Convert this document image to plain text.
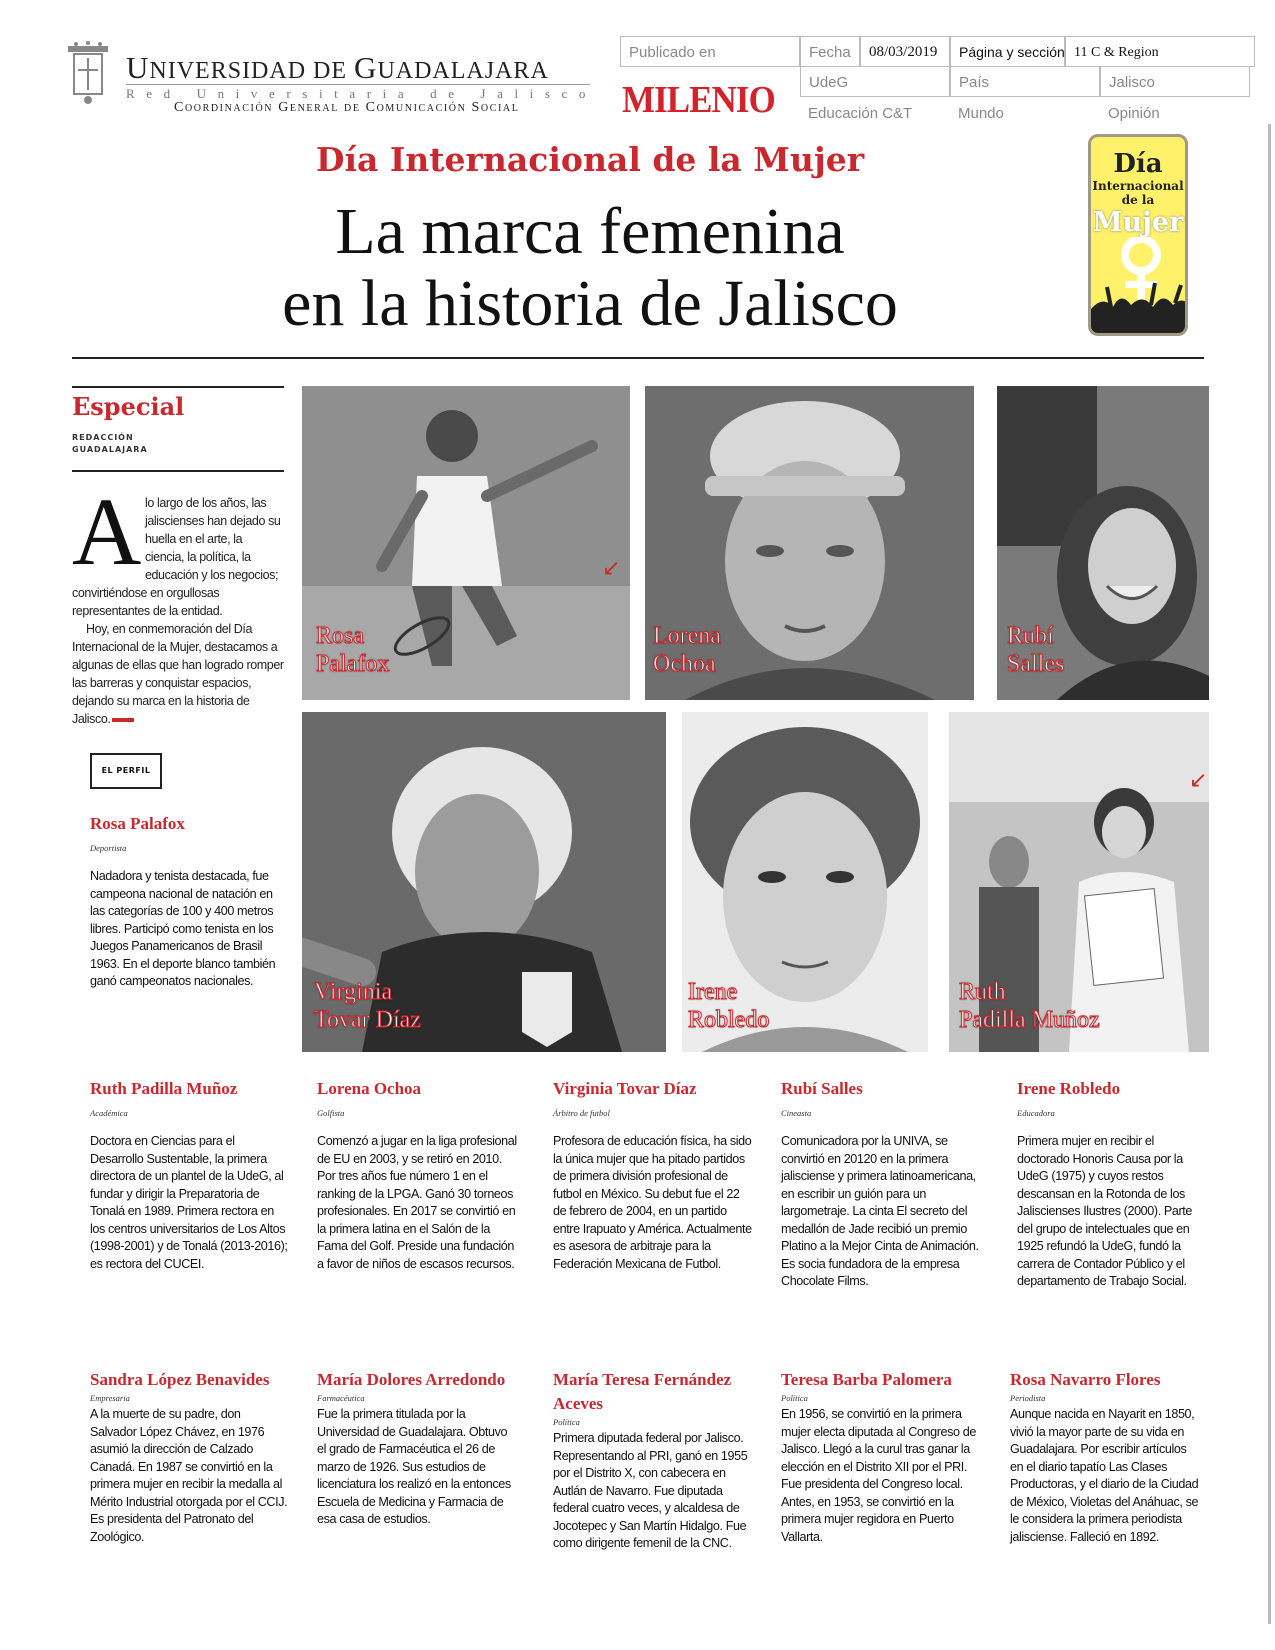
UNIVERSIDAD DE GUADALAJARA
Red Universitaria de Jalisco
Coordinación General de Comunicación Social
Publicado en	Fecha	08/03/2019	Página y sección 11 C & Region
UdeG	País	Jalisco
Educación C&T	Mundo	Opinión
MILENIO
Día Internacional de la Mujer
La marca femenina
en la historia de Jalisco
Día
Internacional de la
Mujer
Especial
REDACCIÓN
GUADALAJARA

Alo largo de los años, las jaliscienses han dejado su huella en el arte, la ciencia, la política, la educación y los negocios; convirtiéndose en orgullosas representantes de la entidad.

Hoy, en conmemoración del Día Internacional de la Mujer, destacamos a algunas de ellas que han logrado romper las barreras y conquistar espacios, dejando su marca en la historia de Jalisco.

EL PERFIL
↙
Rosa
Palafox
Lorena
Ochoa
Rubí
Salles
Virginia
Tovar Díaz
Irene
Robledo
↙
Ruth
Padilla Muñoz
Rosa Palafox
Deportista
Nadadora y tenista destacada, fue campeona nacional de natación en las categorías de 100 y 400 metros libres. Participó como tenista en los Juegos Panamericanos de Brasil 1963. En el deporte blanco también ganó campeonatos nacionales.
Ruth Padilla Muñoz
Académica
Doctora en Ciencias para el Desarrollo Sustentable, la primera directora de un plantel de la UdeG, al fundar y dirigir la Preparatoria de Tonalá en 1989. Primera rectora en los centros universitarios de Los Altos (1998-2001) y de Tonalá (2013-2016); es rectora del CUCEI.
Lorena Ochoa
Golfista
Comenzó a jugar en la liga profesional de EU en 2003, y se retiró en 2010. Por tres años fue número 1 en el ranking de la LPGA. Ganó 30 torneos profesionales. En 2017 se convirtió en la primera latina en el Salón de la Fama del Golf. Preside una fundación a favor de niños de escasos recursos.
Virginia Tovar Díaz
Árbitro de futbol
Profesora de educación física, ha sido la única mujer que ha pitado partidos de primera división profesional de futbol en México. Su debut fue el 22 de febrero de 2004, en un partido entre Irapuato y América. Actualmente es asesora de arbitraje para la Federación Mexicana de Futbol.
Rubí Salles
Cineasta
Comunicadora por la UNIVA, se convirtió en 20120 en la primera jalisciense y primera latinoamericana, en escribir un guión para un largometraje. La cinta El secreto del medallón de Jade recibió un premio Platino a la Mejor Cinta de Animación. Es socia fundadora de la empresa Chocolate Films.
Irene Robledo
Educadora
Primera mujer en recibir el doctorado Honoris Causa por la UdeG (1975) y cuyos restos descansan en la Rotonda de los Jaliscienses Ilustres (2000). Parte del grupo de intelectuales que en 1925 refundó la UdeG, fundó la carrera de Contador Público y el departamento de Trabajo Social.
Sandra López Benavides
Empresaria
A la muerte de su padre, don Salvador López Chávez, en 1976 asumió la dirección de Calzado Canadá. En 1987 se convirtió en la primera mujer en recibir la medalla al Mérito Industrial otorgada por el CCIJ. Es presidenta del Patronato del Zoológico.
María Dolores Arredondo
Farmacéutica
Fue la primera titulada por la Universidad de Guadalajara. Obtuvo el grado de Farmacéutica el 26 de marzo de 1926. Sus estudios de licenciatura los realizó en la entonces Escuela de Medicina y Farmacia de esa casa de estudios.
María Teresa Fernández Aceves
Política
Primera diputada federal por Jalisco. Representando al PRI, ganó en 1955 por el Distrito X, con cabecera en Autlán de Navarro. Fue diputada federal cuatro veces, y alcaldesa de Jocotepec y San Martín Hidalgo. Fue como dirigente femenil de la CNC.
Teresa Barba Palomera
Política
En 1956, se convirtió en la primera mujer electa diputada al Congreso de Jalisco. Llegó a la curul tras ganar la elección en el Distrito XII por el PRI. Fue presidenta del Congreso local. Antes, en 1953, se convirtió en la primera mujer regidora en Puerto Vallarta.
Rosa Navarro Flores
Periodista
Aunque nacida en Nayarit en 1850, vivió la mayor parte de su vida en Guadalajara. Por escribir artículos en el diario tapatío Las Clases Productoras, y el diario de la Ciudad de México, Violetas del Anáhuac, se le considera la primera periodista jalisciense. Falleció en 1892.
